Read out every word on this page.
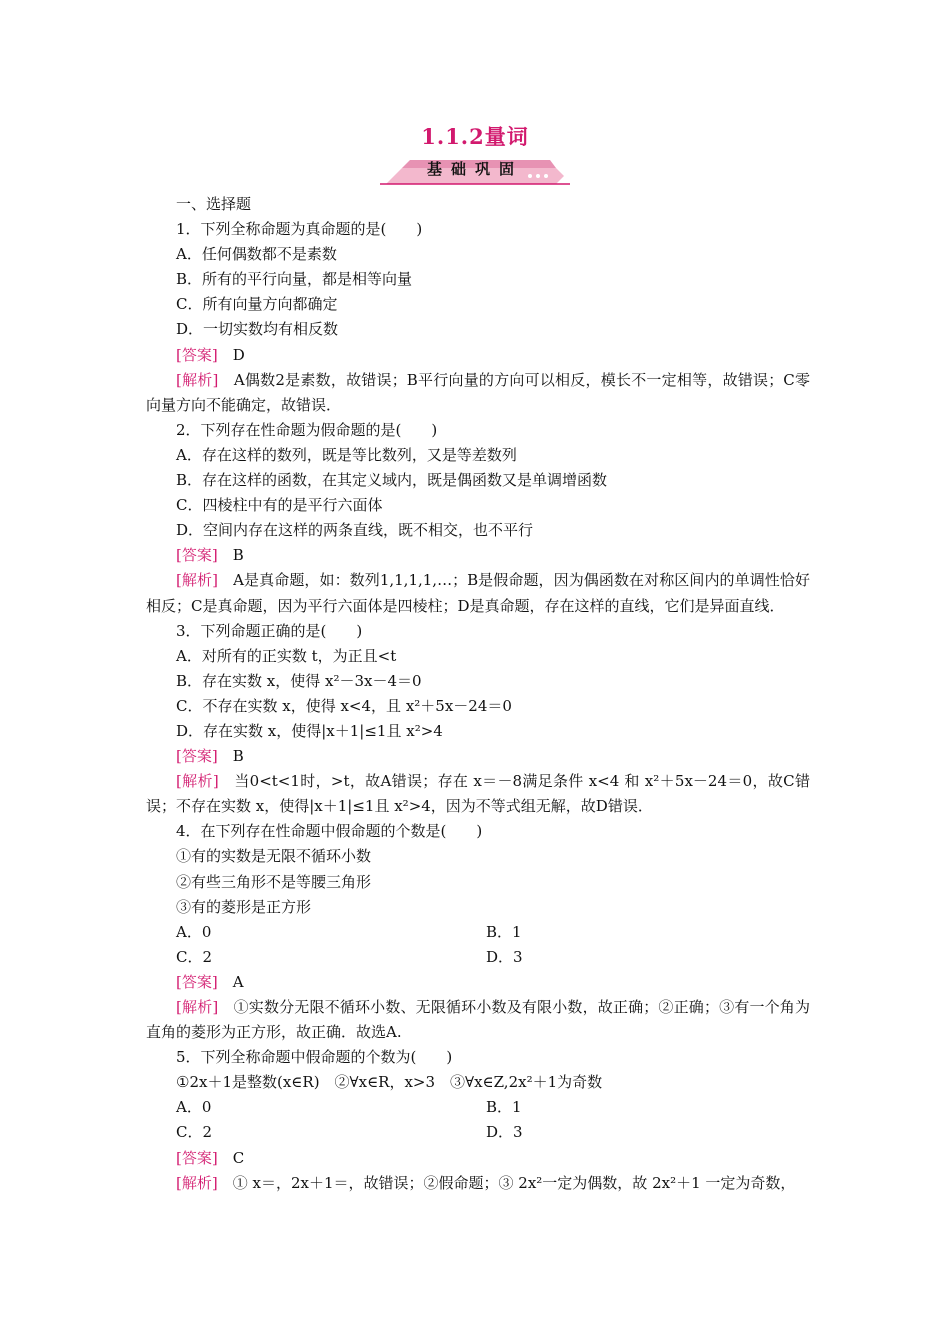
1.1.2量词
基础巩固
一、选择题
1．下列全称命题为真命题的是(　　)
A．任何偶数都不是素数
B．所有的平行向量，都是相等向量
C．所有向量方向都确定
D．一切实数均有相反数
[答案]　 D
[解析]　 A偶数2是素数，故错误；B平行向量的方向可以相反，模长不一定相等，故错误；C零向量方向不能确定，故错误．
2．下列存在性命题为假命题的是(　　)
A．存在这样的数列，既是等比数列，又是等差数列
B．存在这样的函数，在其定义域内，既是偶函数又是单调增函数
C．四棱柱中有的是平行六面体
D．空间内存在这样的两条直线，既不相交，也不平行
[答案]　 B
[解析]　 A是真命题，如：数列1,1,1,1,…；B是假命题，因为偶函数在对称区间内的单调性恰好相反；C是真命题，因为平行六面体是四棱柱；D是真命题，存在这样的直线，它们是异面直线．
3．下列命题正确的是(　　)
A．对所有的正实数 t，为正且<t
B．存在实数 x，使得 x²－3x－4＝0
C．不存在实数 x，使得 x<4，且 x²＋5x－24＝0
D．存在实数 x，使得|x＋1|≤1且 x²>4
[答案]　 B
[解析]　 当0<t<1时，>t，故A错误；存在 x＝－8满足条件 x<4 和 x²＋5x－24＝0，故C错误；不存在实数 x，使得|x＋1|≤1且 x²>4，因为不等式组无解，故D错误．
4．在下列存在性命题中假命题的个数是(　　)
①有的实数是无限不循环小数
②有些三角形不是等腰三角形
③有的菱形是正方形
A．0	B．1
C．2	D．3
[答案]　 A
[解析]　 ①实数分无限不循环小数、无限循环小数及有限小数，故正确；②正确；③有一个角为直角的菱形为正方形，故正确．故选A.
5．下列全称命题中假命题的个数为(　　)
①2x＋1是整数(x∈R)　②∀x∈R，x>3　③∀x∈Z,2x²＋1为奇数
A．0	B．1
C．2	D．3
[答案]　 C
[解析]　 ① x＝，2x＋1＝，故错误；②假命题；③ 2x²一定为偶数，故 2x²＋1 一定为奇数，
